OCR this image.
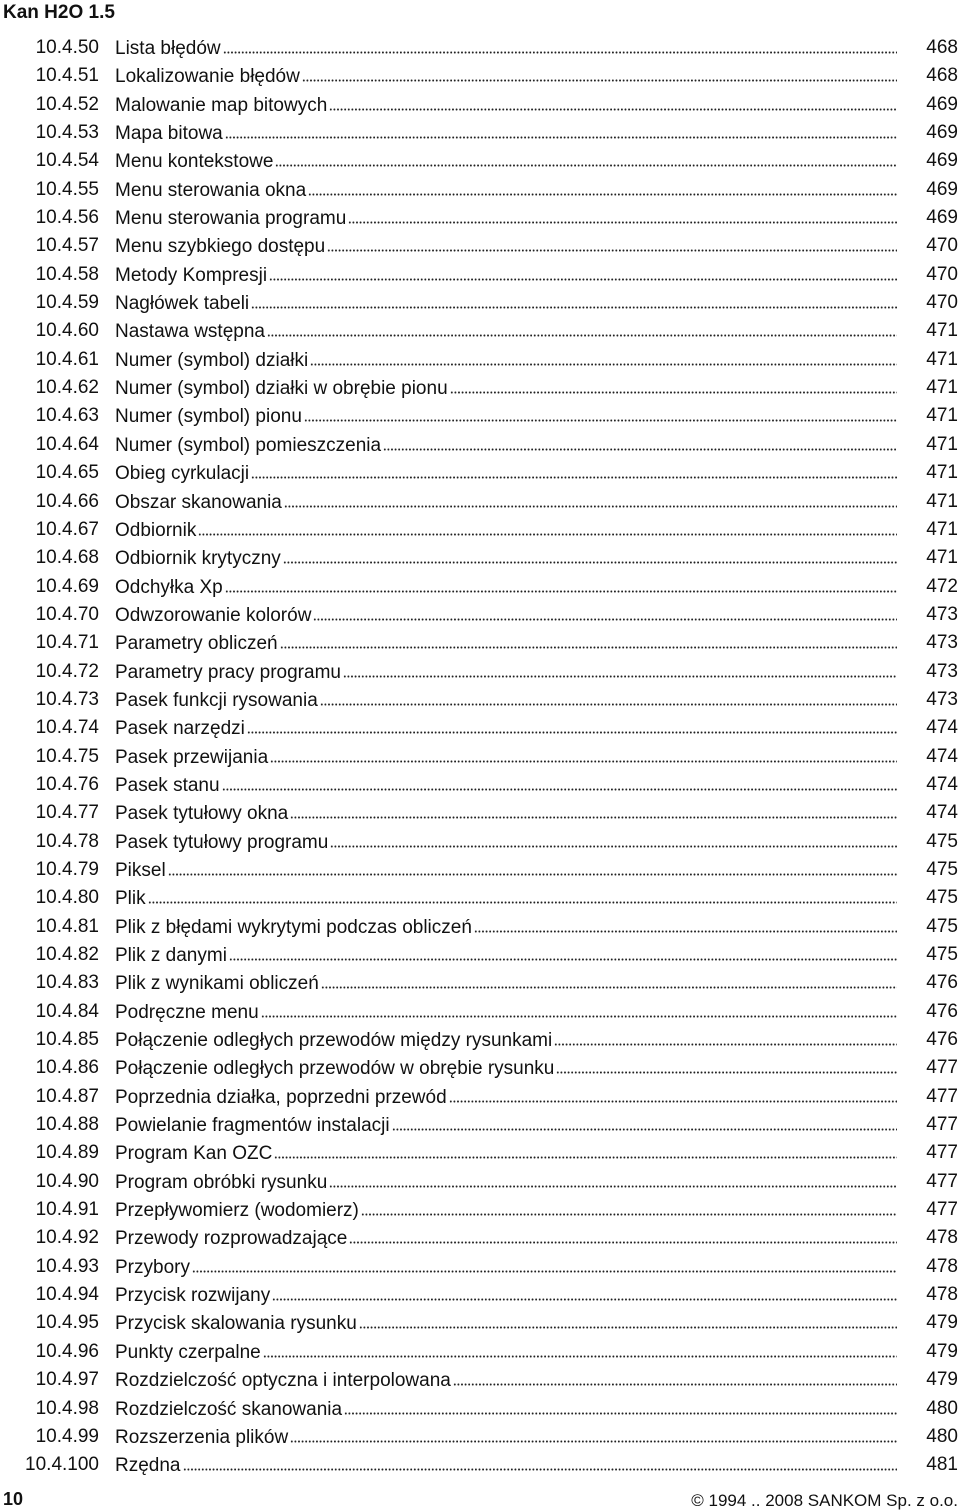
Kan H2O 1.5
10.4.50 Lista błędów	468
10.4.51 Lokalizowanie błędów	468
10.4.52 Malowanie map bitowych	469
10.4.53 Mapa bitowa	469
10.4.54 Menu kontekstowe	469
10.4.55 Menu sterowania okna	469
10.4.56 Menu sterowania programu	469
10.4.57 Menu szybkiego dostępu	470
10.4.58 Metody Kompresji	470
10.4.59 Nagłówek tabeli	470
10.4.60 Nastawa wstępna	471
10.4.61 Numer (symbol) działki	471
10.4.62 Numer (symbol) działki w obrębie pionu	471
10.4.63 Numer (symbol) pionu	471
10.4.64 Numer (symbol) pomieszczenia	471
10.4.65 Obieg cyrkulacji	471
10.4.66 Obszar skanowania	471
10.4.67 Odbiornik	471
10.4.68 Odbiornik krytyczny	471
10.4.69 Odchyłka Xp	472
10.4.70 Odwzorowanie kolorów	473
10.4.71 Parametry obliczeń	473
10.4.72 Parametry pracy programu	473
10.4.73 Pasek funkcji rysowania	473
10.4.74 Pasek narzędzi	474
10.4.75 Pasek przewijania	474
10.4.76 Pasek stanu	474
10.4.77 Pasek tytułowy okna	474
10.4.78 Pasek tytułowy programu	475
10.4.79 Piksel	475
10.4.80 Plik	475
10.4.81 Plik z błędami wykrytymi podczas obliczeń	475
10.4.82 Plik z danymi	475
10.4.83 Plik z wynikami obliczeń	476
10.4.84 Podręczne menu	476
10.4.85 Połączenie odległych przewodów między rysunkami	476
10.4.86 Połączenie odległych przewodów w obrębie rysunku	477
10.4.87 Poprzednia działka, poprzedni przewód	477
10.4.88 Powielanie fragmentów instalacji	477
10.4.89 Program Kan OZC	477
10.4.90 Program obróbki rysunku	477
10.4.91 Przepływomierz (wodomierz)	477
10.4.92 Przewody rozprowadzające	478
10.4.93 Przybory	478
10.4.94 Przycisk rozwijany	478
10.4.95 Przycisk skalowania rysunku	479
10.4.96 Punkty czerpalne	479
10.4.97 Rozdzielczość optyczna i interpolowana	479
10.4.98 Rozdzielczość skanowania	480
10.4.99 Rozszerzenia plików	480
10.4.100 Rzędna	481
10	© 1994 .. 2008 SANKOM Sp. z o.o.
